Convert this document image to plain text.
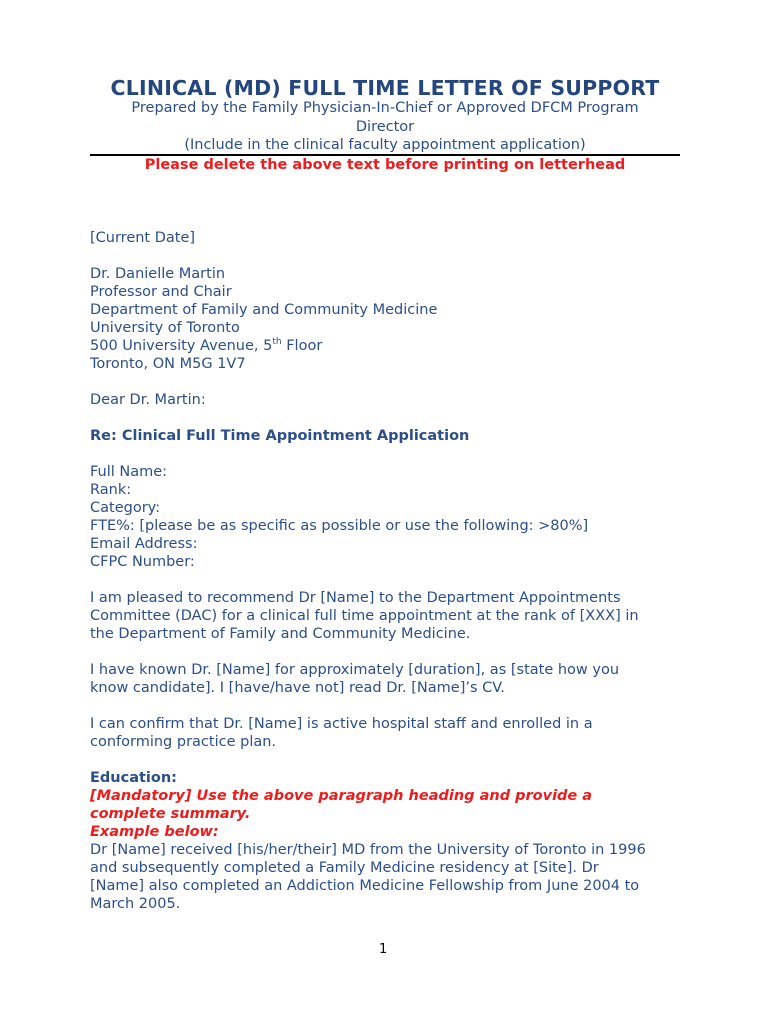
CLINICAL (MD) FULL TIME LETTER OF SUPPORT
Prepared by the Family Physician-In-Chief or Approved DFCM Program
Director
(Include in the clinical faculty appointment application)
Please delete the above text before printing on letterhead
[Current Date]
Dr. Danielle Martin
Professor and Chair
Department of Family and Community Medicine
University of Toronto
500 University Avenue, 5th Floor
Toronto, ON M5G 1V7
Dear Dr. Martin:
Re: Clinical Full Time Appointment Application
Full Name:
Rank:
Category:
FTE%: [please be as specific as possible or use the following: >80%]
Email Address:
CFPC Number:
I am pleased to recommend Dr [Name] to the Department Appointments
Committee (DAC) for a clinical full time appointment at the rank of [XXX] in
the Department of Family and Community Medicine.
I have known Dr. [Name] for approximately [duration], as [state how you
know candidate]. I [have/have not] read Dr. [Name]’s CV.
I can confirm that Dr. [Name] is active hospital staff and enrolled in a
conforming practice plan.
Education:
[Mandatory] Use the above paragraph heading and provide a
complete summary.
Example below:
Dr [Name] received [his/her/their] MD from the University of Toronto in 1996
and subsequently completed a Family Medicine residency at [Site]. Dr
[Name] also completed an Addiction Medicine Fellowship from June 2004 to
March 2005.
1
